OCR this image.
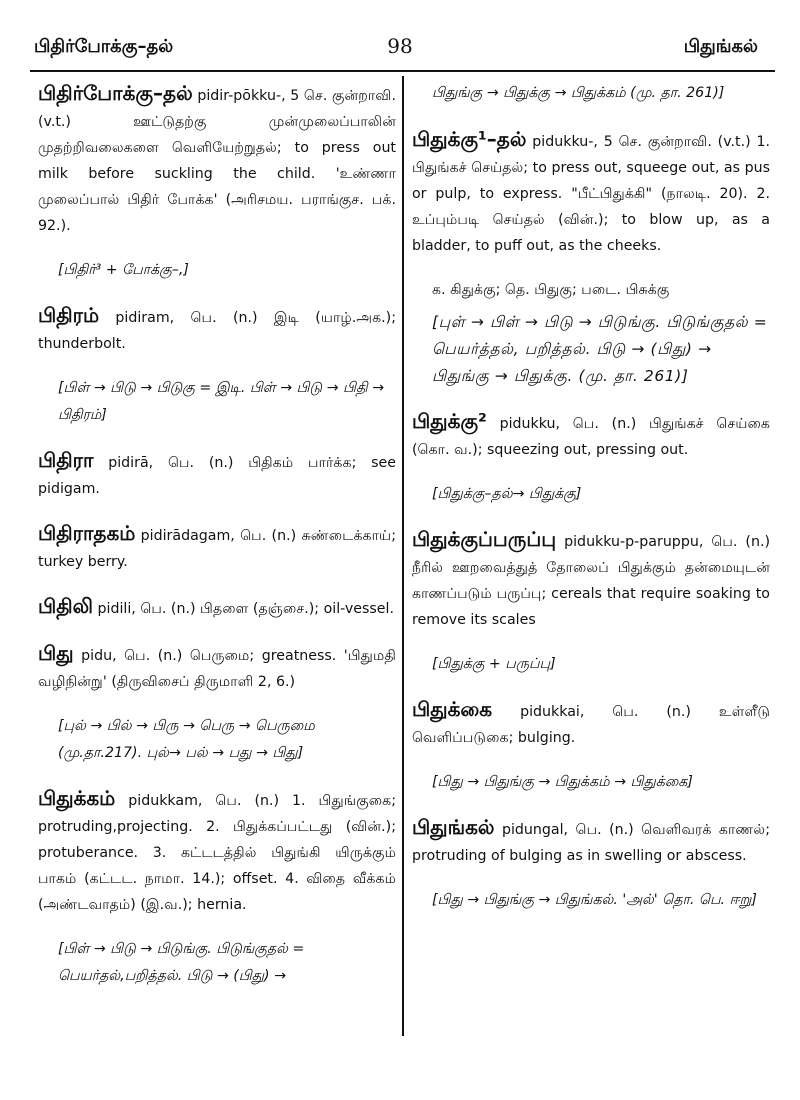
பிதிர்போக்கு–தல்	98	பிதுங்கல்
பிதிர்போக்கு–தல் pidir-pōkku-, 5 செ. குன்றாவி. (v.t.) ஊட்டுதற்கு முன்முலைப்பாலின் முதற்றிவலைகளை வெளியேற்றுதல்; to press out milk before suckling the child. 'உண்ணா முலைப்பால் பிதிர் போக்க' (அரிசமய. பராங்குச. பக். 92.).
[பிதிர்³ + போக்கு–,]
பிதிரம் pidiram, பெ. (n.) இடி (யாழ்.அக.); thunderbolt.
[பிள் → பிடு → பிடுகு = இடி. பிள் → பிடு → பிதி → பிதிரம்]
பிதிரா pidirā, பெ. (n.) பிதிகம் பார்க்க; see pidigam.
பிதிராதகம் pidirādagam, பெ. (n.) சுண்டைக்காய்; turkey berry.
பிதிலி pidili, பெ. (n.) பிதளை (தஞ்சை.); oil-vessel.
பிது pidu, பெ. (n.) பெருமை; greatness. 'பிதுமதி வழிநின்று' (திருவிசைப் திருமாளி 2, 6.)
[புல் → பில் → பிரு → பெரு → பெருமை (மு.தா.217). புல்→ பல் → பது → பிது]
பிதுக்கம் pidukkam, பெ. (n.) 1. பிதுங்குகை; protruding,projecting. 2. பிதுக்கப்பட்டது (வின்.); protuberance. 3. கட்டடத்தில் பிதுங்கி யிருக்கும் பாகம் (கட்டட. நாமா. 14.); offset. 4. விதை வீக்கம் (அண்டவாதம்) (இ.வ.); hernia.
[பிள் → பிடு → பிடுங்கு. பிடுங்குதல் = பெயர்தல்,பறித்தல். பிடு → (பிது) →
பிதுங்கு → பிதுக்கு → பிதுக்கம் (மு. தா. 261)]
பிதுக்கு¹–தல் pidukku-, 5 செ. குன்றாவி. (v.t.) 1. பிதுங்கச் செய்தல்; to press out, squeege out, as pus or pulp, to express. "பீட்பிதுக்கி" (நாலடி. 20). 2. உப்பும்படி செய்தல் (வின்.); to blow up, as a bladder, to puff out, as the cheeks.
க. கிதுக்கு; தெ. பிதுகு; படை. பிசுக்கு
[புள் → பிள் → பிடு → பிடுங்கு. பிடுங்குதல் = பெயர்த்தல், பறித்தல். பிடு → (பிது) → பிதுங்கு → பிதுக்கு. (மு. தா. 261)]
பிதுக்கு² pidukku, பெ. (n.) பிதுங்கச் செய்கை (கொ. வ.); squeezing out, pressing out.
[பிதுக்கு–தல்→ பிதுக்கு]
பிதுக்குப்பருப்பு pidukku-p-paruppu, பெ. (n.) நீரில் ஊறவைத்துத் தோலைப் பிதுக்கும் தன்மையுடன் காணப்படும் பருப்பு; cereals that require soaking to remove its scales
[பிதுக்கு + பருப்பு]
பிதுக்கை pidukkai, பெ. (n.) உள்ளீடு வெளிப்படுகை; bulging.
[பிது → பிதுங்கு → பிதுக்கம் → பிதுக்கை]
பிதுங்கல் pidungal, பெ. (n.) வெளிவரக் காணல்; protruding of bulging as in swelling or abscess.
[பிது → பிதுங்கு → பிதுங்கல். 'அல்' தொ. பெ. ஈறு]
